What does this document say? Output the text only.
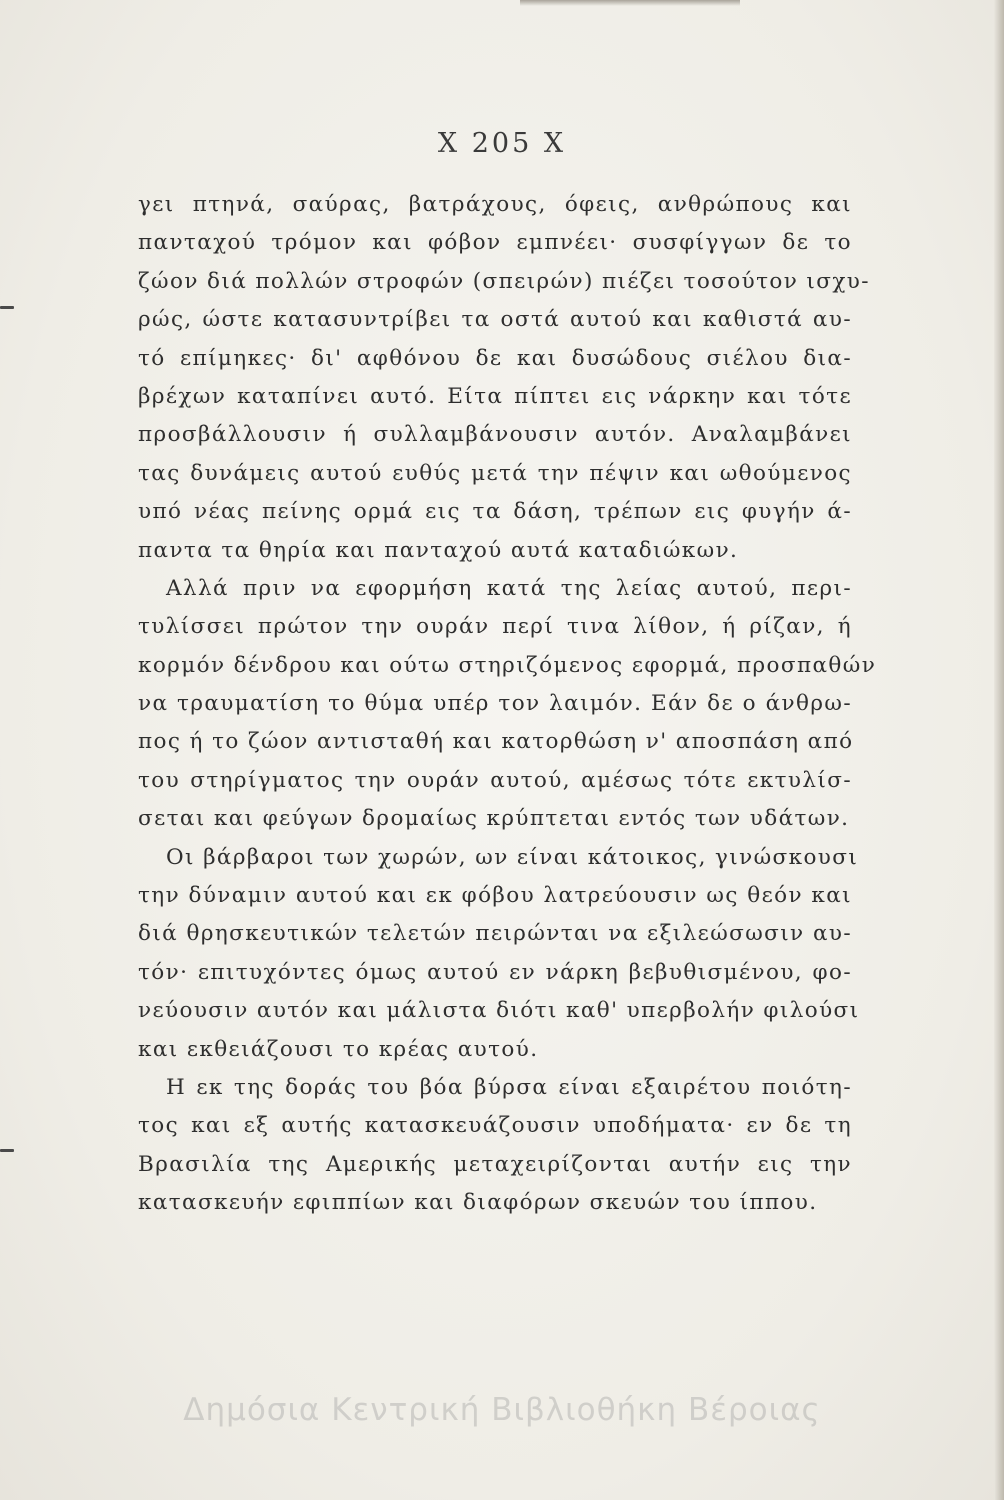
Χ 205 Χ
γει πτηνά, σαύρας, βατράχους, όφεις, ανθρώπους και
πανταχού τρόμον και φόβον εμπνέει· συσφίγγων δε το
ζώον διά πολλών στροφών (σπειρών) πιέζει τοσούτον ισχυ-
ρώς, ώστε κατασυντρίβει τα οστά αυτού και καθιστά αυ-
τό επίμηκες· δι' αφθόνου δε και δυσώδους σιέλου δια-
βρέχων καταπίνει αυτό. Είτα πίπτει εις νάρκην και τότε
προσβάλλουσιν ή συλλαμβάνουσιν αυτόν. Αναλαμβάνει
τας δυνάμεις αυτού ευθύς μετά την πέψιν και ωθούμενος
υπό νέας πείνης ορμά εις τα δάση, τρέπων εις φυγήν ά-
παντα τα θηρία και πανταχού αυτά καταδιώκων.
Αλλά πριν να εφορμήση κατά της λείας αυτού, περι-
τυλίσσει πρώτον την ουράν περί τινα λίθον, ή ρίζαν, ή
κορμόν δένδρου και ούτω στηριζόμενος εφορμά, προσπαθών
να τραυματίση το θύμα υπέρ τον λαιμόν. Εάν δε ο άνθρω-
πος ή το ζώον αντισταθή και κατορθώση ν' αποσπάση από
του στηρίγματος την ουράν αυτού, αμέσως τότε εκτυλίσ-
σεται και φεύγων δρομαίως κρύπτεται εντός των υδάτων.
Οι βάρβαροι των χωρών, ων είναι κάτοικος, γινώσκουσι
την δύναμιν αυτού και εκ φόβου λατρεύουσιν ως θεόν και
διά θρησκευτικών τελετών πειρώνται να εξιλεώσωσιν αυ-
τόν· επιτυχόντες όμως αυτού εν νάρκη βεβυθισμένου, φο-
νεύουσιν αυτόν και μάλιστα διότι καθ' υπερβολήν φιλούσι
και εκθειάζουσι το κρέας αυτού.
Η εκ της δοράς του βόα βύρσα είναι εξαιρέτου ποιότη-
τος και εξ αυτής κατασκευάζουσιν υποδήματα· εν δε τη
Βρασιλία της Αμερικής μεταχειρίζονται αυτήν εις την
κατασκευήν εφιππίων και διαφόρων σκευών του ίππου.
Δημόσια Κεντρική Βιβλιοθήκη Βέροιας
